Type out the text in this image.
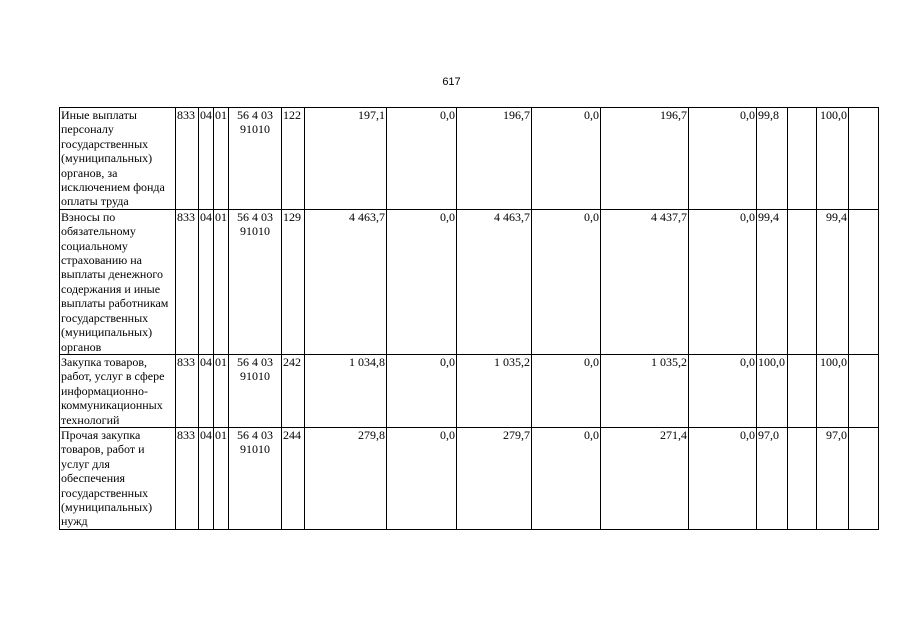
617
Иные выплаты персоналу государственных (муниципальных) органов, за исключением фонда оплаты труда	833	04	01	56 4 03 91010	122	197,1	0,0	196,7	0,0	196,7	0,0	99,8		100,0	
Взносы по обязательному социальному страхованию на выплаты денежного содержания и иные выплаты работникам государственных (муниципальных) органов	833	04	01	56 4 03 91010	129	4 463,7	0,0	4 463,7	0,0	4 437,7	0,0	99,4		99,4	
Закупка товаров, работ, услуг в сфере информационно-коммуникационных технологий	833	04	01	56 4 03 91010	242	1 034,8	0,0	1 035,2	0,0	1 035,2	0,0	100,0		100,0	
Прочая закупка товаров, работ и услуг для обеспечения государственных (муниципальных) нужд	833	04	01	56 4 03 91010	244	279,8	0,0	279,7	0,0	271,4	0,0	97,0		97,0	
